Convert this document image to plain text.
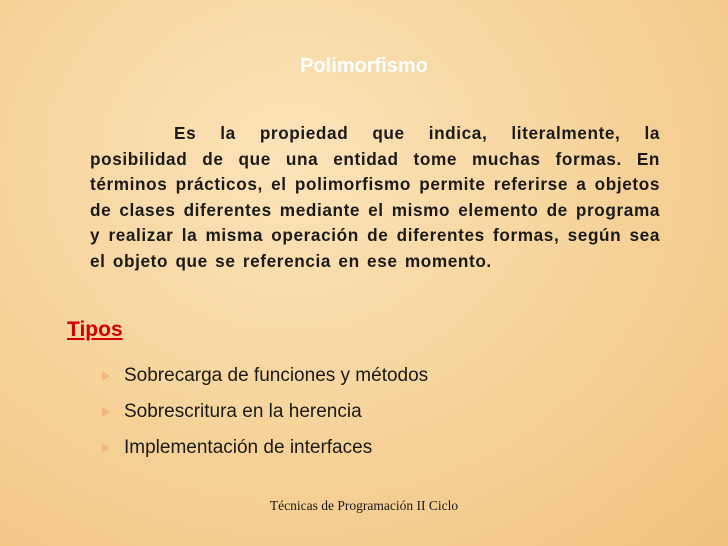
Polimorfismo
Es la propiedad que indica, literalmente, la posibilidad de que una entidad tome muchas formas. En términos prácticos, el polimorfismo permite referirse a objetos de clases diferentes mediante el mismo elemento de programa y realizar la misma operación de diferentes formas, según sea el objeto que se referencia en ese momento.
Tipos
Sobrecarga de funciones y métodos
Sobrescritura en la herencia
Implementación de interfaces
Técnicas de Programación II Ciclo
